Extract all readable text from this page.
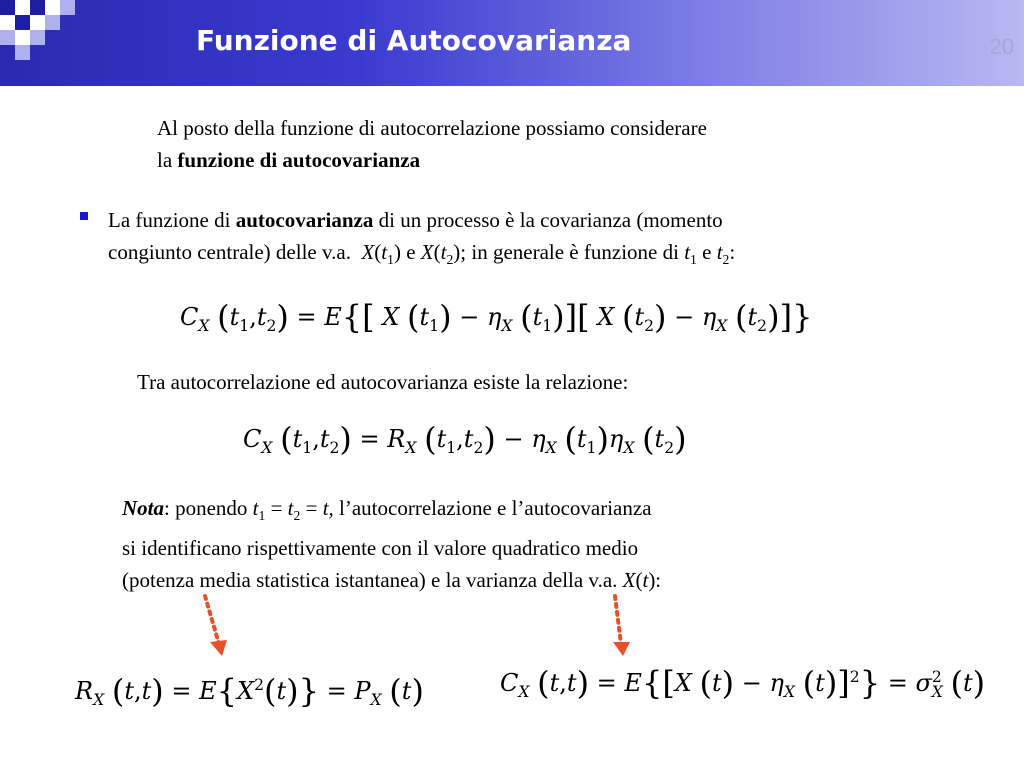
Funzione di Autocovarianza	20
Al posto della funzione di autocorrelazione possiamo considerare
la funzione di autocovarianza
La funzione di autocovarianza di un processo è la covarianza (momento
congiunto centrale) delle v.a. $X(t_1)$ e $X(t_2)$; in generale è funzione di $t_1$ e $t_2$:
$C_X$ $(t_1,t_2) = E${[ X $(t_1) - \eta_X$ $(t_1)$][ X $(t_2) - \eta_X$ $(t_2)$]}
Tra autocorrelazione ed autocovarianza esiste la relazione:
$C_X$ $(t_1,t_2) = R_X$ $(t_1,t_2) - \eta_X$ $(t_1)\eta_X$ $(t_2)$
Nota: ponendo $t_1 = t_2 = t$, l’autocorrelazione e l’autocovarianza
si identificano rispettivamente con il valore quadratico medio
(potenza media statistica istantanea) e la varianza della v.a. X(t):
$R_X$ $(t,t) = E\{X^2(t)\} = P_X$ (t)	$C_X$ (t,t) = E{[X $(t) - \eta_X$ $(t)]^2\} = \sigma^2_X$ (t)
